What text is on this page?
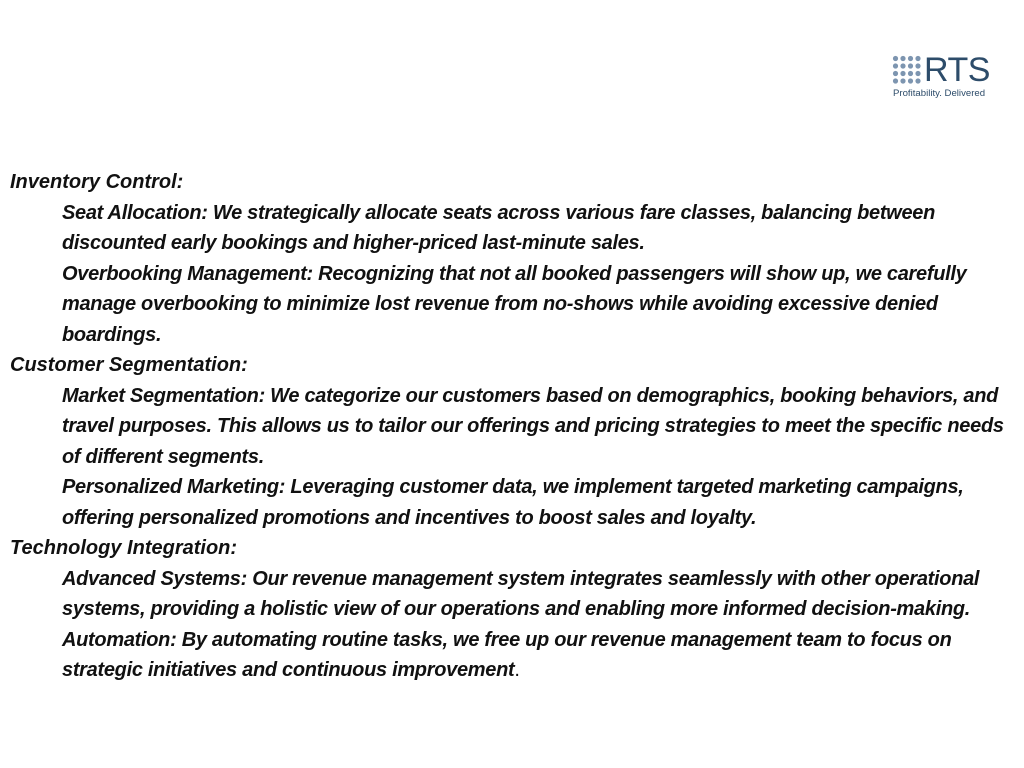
RTS
Profitability. Delivered

Inventory Control:

Seat Allocation: We strategically allocate seats across various fare classes, balancing between discounted early bookings and higher-priced last-minute sales.

Overbooking Management: Recognizing that not all booked passengers will show up, we carefully manage overbooking to minimize lost revenue from no-shows while avoiding excessive denied boardings.

Customer Segmentation:

Market Segmentation: We categorize our customers based on demographics, booking behaviors, and travel purposes. This allows us to tailor our offerings and pricing strategies to meet the specific needs of different segments.

Personalized Marketing: Leveraging customer data, we implement targeted marketing campaigns, offering personalized promotions and incentives to boost sales and loyalty.

Technology Integration:

Advanced Systems: Our revenue management system integrates seamlessly with other operational systems, providing a holistic view of our operations and enabling more informed decision-making.

Automation: By automating routine tasks, we free up our revenue management team to focus on strategic initiatives and continuous improvement.
